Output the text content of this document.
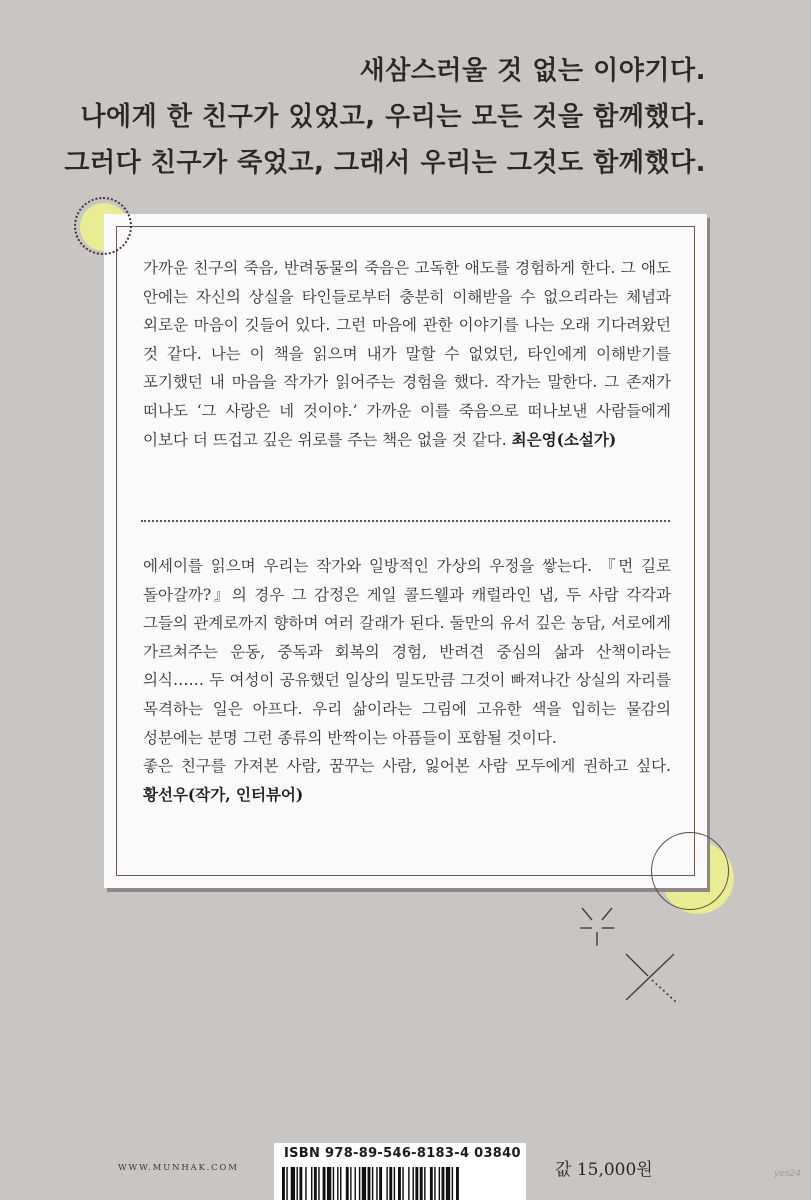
새삼스러울 것 없는 이야기다.
나에게 한 친구가 있었고, 우리는 모든 것을 함께했다.
그러다 친구가 죽었고, 그래서 우리는 그것도 함께했다.
가까운 친구의 죽음, 반려동물의 죽음은 고독한 애도를 경험하게 한다. 그 애도 안에는 자신의 상실을 타인들로부터 충분히 이해받을 수 없으리라는 체념과 외로운 마음이 깃들어 있다. 그런 마음에 관한 이야기를 나는 오래 기다려왔던 것 같다. 나는 이 책을 읽으며 내가 말할 수 없었던, 타인에게 이해받기를 포기했던 내 마음을 작가가 읽어주는 경험을 했다. 작가는 말한다. 그 존재가 떠나도 ‘그 사랑은 네 것이야.’ 가까운 이를 죽음으로 떠나보낸 사람들에게 이보다 더 뜨겁고 깊은 위로를 주는 책은 없을 것 같다. 최은영(소설가)
에세이를 읽으며 우리는 작가와 일방적인 가상의 우정을 쌓는다. 『먼 길로 돌아갈까?』의 경우 그 감정은 게일 콜드웰과 캐럴라인 냅, 두 사람 각각과 그들의 관계로까지 향하며 여러 갈래가 된다. 둘만의 유서 깊은 농담, 서로에게 가르쳐주는 운동, 중독과 회복의 경험, 반려견 중심의 삶과 산책이라는 의식…… 두 여성이 공유했던 일상의 밀도만큼 그것이 빠져나간 상실의 자리를 목격하는 일은 아프다. 우리 삶이라는 그림에 고유한 색을 입히는 물감의 성분에는 분명 그런 종류의 반짝이는 아픔들이 포함될 것이다.
좋은 친구를 가져본 사람, 꿈꾸는 사람, 잃어본 사람 모두에게 권하고 싶다. 황선우(작가, 인터뷰어)
WWW.MUNHAK.COM
ISBN 978-89-546-8183-4 03840
값 15,000원	yes24
